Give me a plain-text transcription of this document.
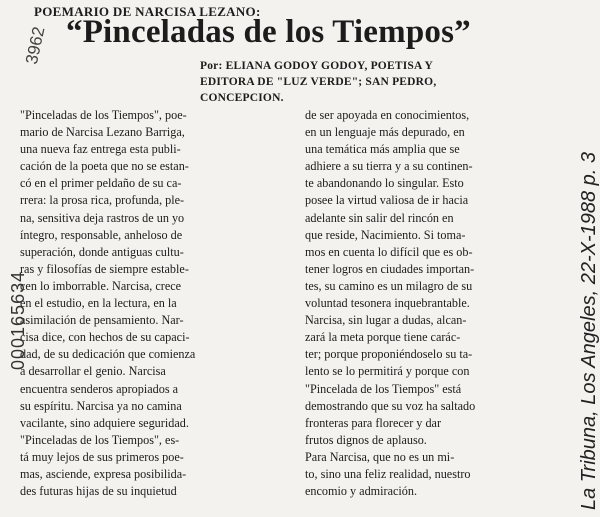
POEMARIO DE NARCISA LEZANO:
“Pinceladas de los Tiempos”
Por: ELIANA GODOY GODOY, POETISA Y
EDITORA DE "LUZ VERDE"; SAN PEDRO,
CONCEPCION.
"Pinceladas de los Tiempos", poe-
mario de Narcisa Lezano Barriga,
una nueva faz entrega esta publi-
cación de la poeta que no se estan-
có en el primer peldaño de su ca-
rrera: la prosa rica, profunda, ple-
na, sensitiva deja rastros de un yo
íntegro, responsable, anheloso de
superación, donde antiguas cultu-
ras y filosofías de siempre estable-
cen lo imborrable. Narcisa, crece
en el estudio, en la lectura, en la
asimilación de pensamiento. Nar-
cisa dice, con hechos de su capaci-
dad, de su dedicación que comienza
a desarrollar el genio. Narcisa
encuentra senderos apropiados a
su espíritu. Narcisa ya no camina
vacilante, sino adquiere seguridad.
"Pinceladas de los Tiempos", es-
tá muy lejos de sus primeros poe-
mas, asciende, expresa posibilida-
des futuras hijas de su inquietud
de ser apoyada en conocimientos,
en un lenguaje más depurado, en
una temática más amplia que se
adhiere a su tierra y a su continen-
te abandonando lo singular. Esto
posee la virtud valiosa de ir hacia
adelante sin salir del rincón en
que reside, Nacimiento. Si toma-
mos en cuenta lo difícil que es ob-
tener logros en ciudades importan-
tes, su camino es un milagro de su
voluntad tesonera inquebrantable.
Narcisa, sin lugar a dudas, alcan-
zará la meta porque tiene carác-
ter; porque proponiéndoselo su ta-
lento se lo permitirá y porque con
"Pincelada de los Tiempos" está
demostrando que su voz ha saltado
fronteras para florecer y dar
frutos dignos de aplauso.
Para Narcisa, que no es un mi-
to, sino una feliz realidad, nuestro
encomio y admiración.
3962
000165634	La Tribuna, Los Angeles, 22-X-1988 p. 3
